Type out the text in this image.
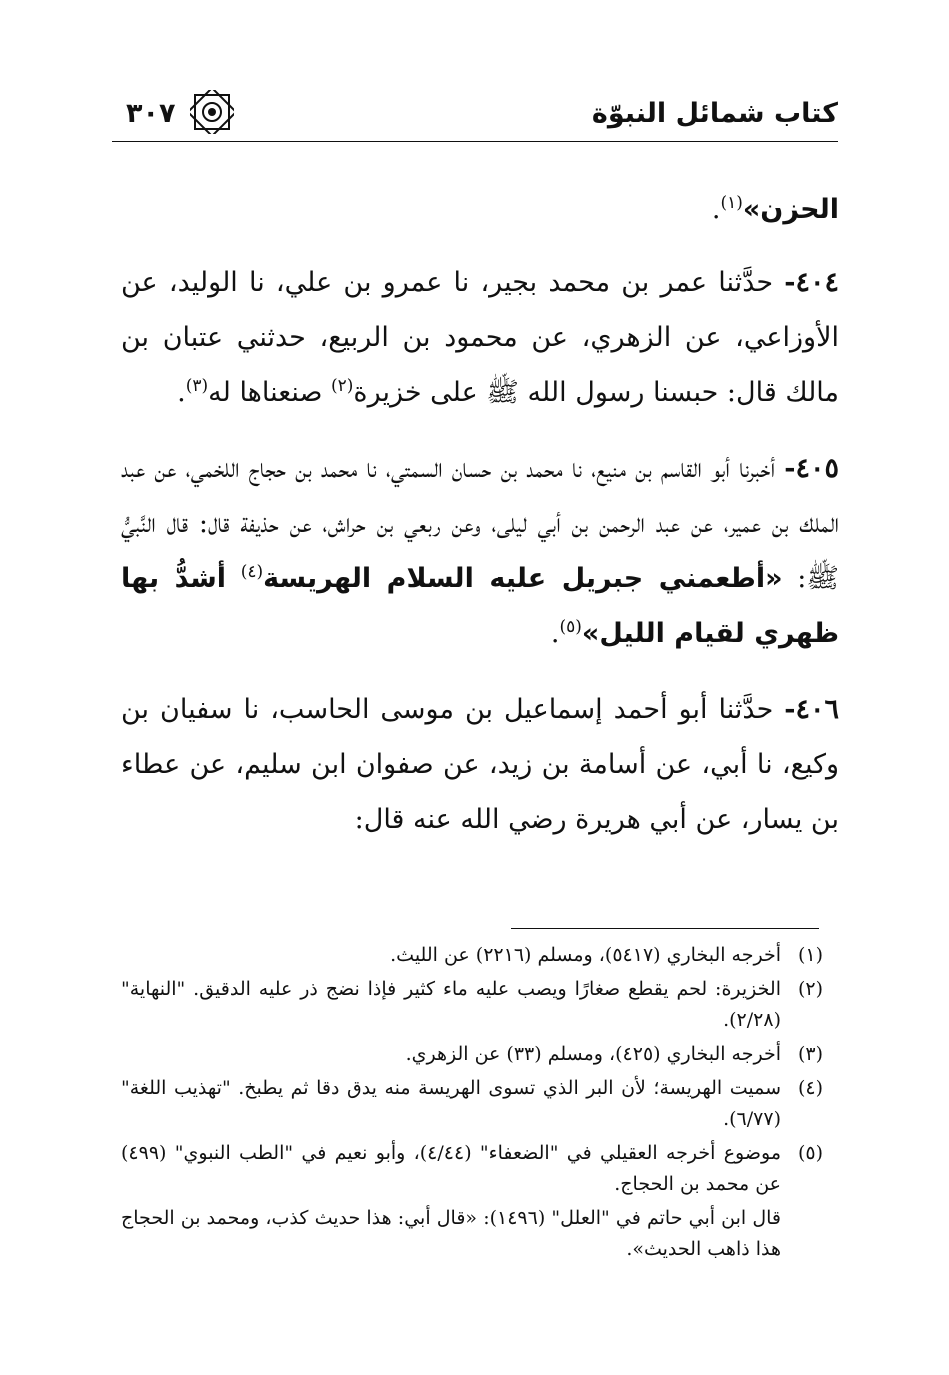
كتاب شمائل النبوّة
٣٠٧

الحزن»$^{(١)}$.

٤٠٤- حدَّثنا عمر بن محمد بجير، نا عمرو بن علي، نا الوليد، عن الأوزاعي، عن الزهري، عن محمود بن الربيع، حدثني عتبان بن مالك قال: حبسنا رسول الله ﷺ على خزيرة$^{(٢)}$ صنعناها له$^{(٣)}$.

٤٠٥- أخبرنا أبو القاسم بن منيع، نا محمد بن حسان السمتي، نا محمد بن حجاج اللخمي، عن عبد الملك بن عمير، عن عبد الرحمن بن أبي ليلى، وعن ربعي بن حراش، عن حذيفة قال: قال النَّبيُّ ﷺ: «أطعمني جبريل عليه السلام الهريسة$^{(٤)}$ أشدُّ بها ظهري لقيام الليل»$^{(٥)}$.

٤٠٦- حدَّثنا أبو أحمد إسماعيل بن موسى الحاسب، نا سفيان بن وكيع، نا أبي، عن أسامة بن زيد، عن صفوان ابن سليم، عن عطاء بن يسار، عن أبي هريرة رضي الله عنه قال:

(١)
أخرجه البخاري (٥٤١٧)، ومسلم (٢٢١٦) عن الليث.
(٢)
الخزيرة: لحم يقطع صغارًا ويصب عليه ماء كثير فإذا نضج ذر عليه الدقيق. "النهاية" (٢/٢٨).
(٣)
أخرجه البخاري (٤٢٥)، ومسلم (٣٣) عن الزهري.
(٤)
سميت الهريسة؛ لأن البر الذي تسوى الهريسة منه يدق دقا ثم يطبخ. "تهذيب اللغة" (٦/٧٧).
(٥)
موضوع أخرجه العقيلي في "الضعفاء" (٤/٤٤)، وأبو نعيم في "الطب النبوي" (٤٩٩) عن محمد بن الحجاج.
قال ابن أبي حاتم في "العلل" (١٤٩٦): «قال أبي: هذا حديث كذب، ومحمد بن الحجاج هذا ذاهب الحديث».
